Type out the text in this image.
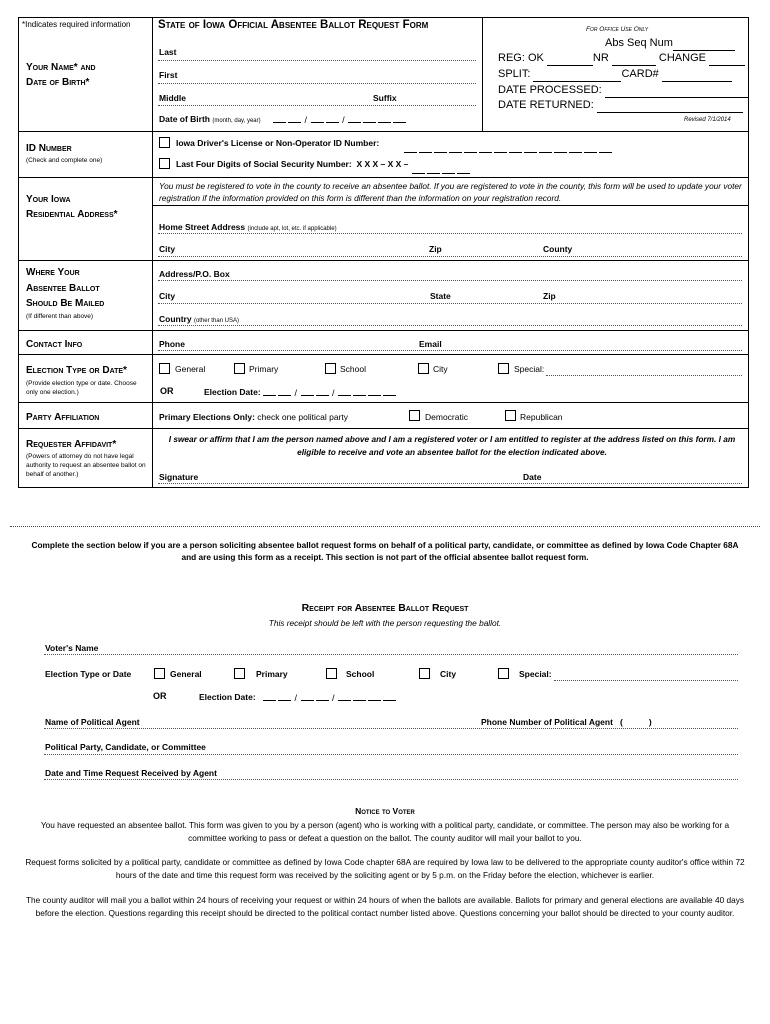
*Indicates required information State of Iowa Official Absentee Ballot Request Form
Your Name* and
Date of Birth*
Last
First
Middle	Suffix
Date of Birth (month, day, year)	/	/
For Office Use Only
Abs Seq Num
REG: OK	NR	CHANGE
SPLIT:	CARD#
DATE PROCESSED:
DATE RETURNED:
Revised 7/1/2014
ID Number
(Check and complete one)
Iowa Driver's License or Non-Operator ID Number:
Last Four Digits of Social Security Number: X X X – X X –
Your Iowa
Residential Address*
You must be registered to vote in the county to receive an absentee ballot. If you are registered to vote in the county, this form will be used to update your voter registration if the information provided on this form is different than the information on your registration record.
Home Street Address (include apt, lot, etc. if applicable)
City	Zip	County
Where Your
Absentee Ballot
Should Be Mailed
(If different than above)
Address/P.O. Box
City	State	Zip
Country (other than USA)
Contact Info	Phone	Email
Election Type or Date*
(Provide election type or date. Choose only one election.)
General	Primary	School	City	Special:
OR	Election Date:	/	/
Party Affiliation	Primary Elections Only: check one political party	Democratic	Republican
Requester Affidavit*
(Powers of attorney do not have legal authority to request an absentee ballot on behalf of another.)
I swear or affirm that I am the person named above and I am a registered voter or I am entitled to register at the address listed on this form. I am eligible to receive and vote an absentee ballot for the election indicated above.
Signature	Date
Complete the section below if you are a person soliciting absentee ballot request forms on behalf of a political party, candidate, or committee as defined by Iowa Code Chapter 68A and are using this form as a receipt. This section is not part of the official absentee ballot request form.
Receipt for Absentee Ballot Request
This receipt should be left with the person requesting the ballot.
Voter's Name
Election Type or Date	General	Primary	School	City	Special:
OR	Election Date:	/	/
Name of Political Agent	Phone Number of Political Agent (	)
Political Party, Candidate, or Committee
Date and Time Request Received by Agent
Notice to Voter
You have requested an absentee ballot. This form was given to you by a person (agent) who is working with a political party, candidate, or committee. The person may also be working for a committee working to pass or defeat a question on the ballot. The county auditor will mail your ballot to you.
Request forms solicited by a political party, candidate or committee as defined by Iowa Code chapter 68A are required by Iowa law to be delivered to the appropriate county auditor's office within 72 hours of the date and time this request form was received by the soliciting agent or by 5 p.m. on the Friday before the election, whichever is earlier.
The county auditor will mail you a ballot within 24 hours of receiving your request or within 24 hours of when the ballots are available. Ballots for primary and general elections are available 40 days before the election. Questions regarding this receipt should be directed to the political contact number listed above. Questions concerning your ballot should be directed to your county auditor.
